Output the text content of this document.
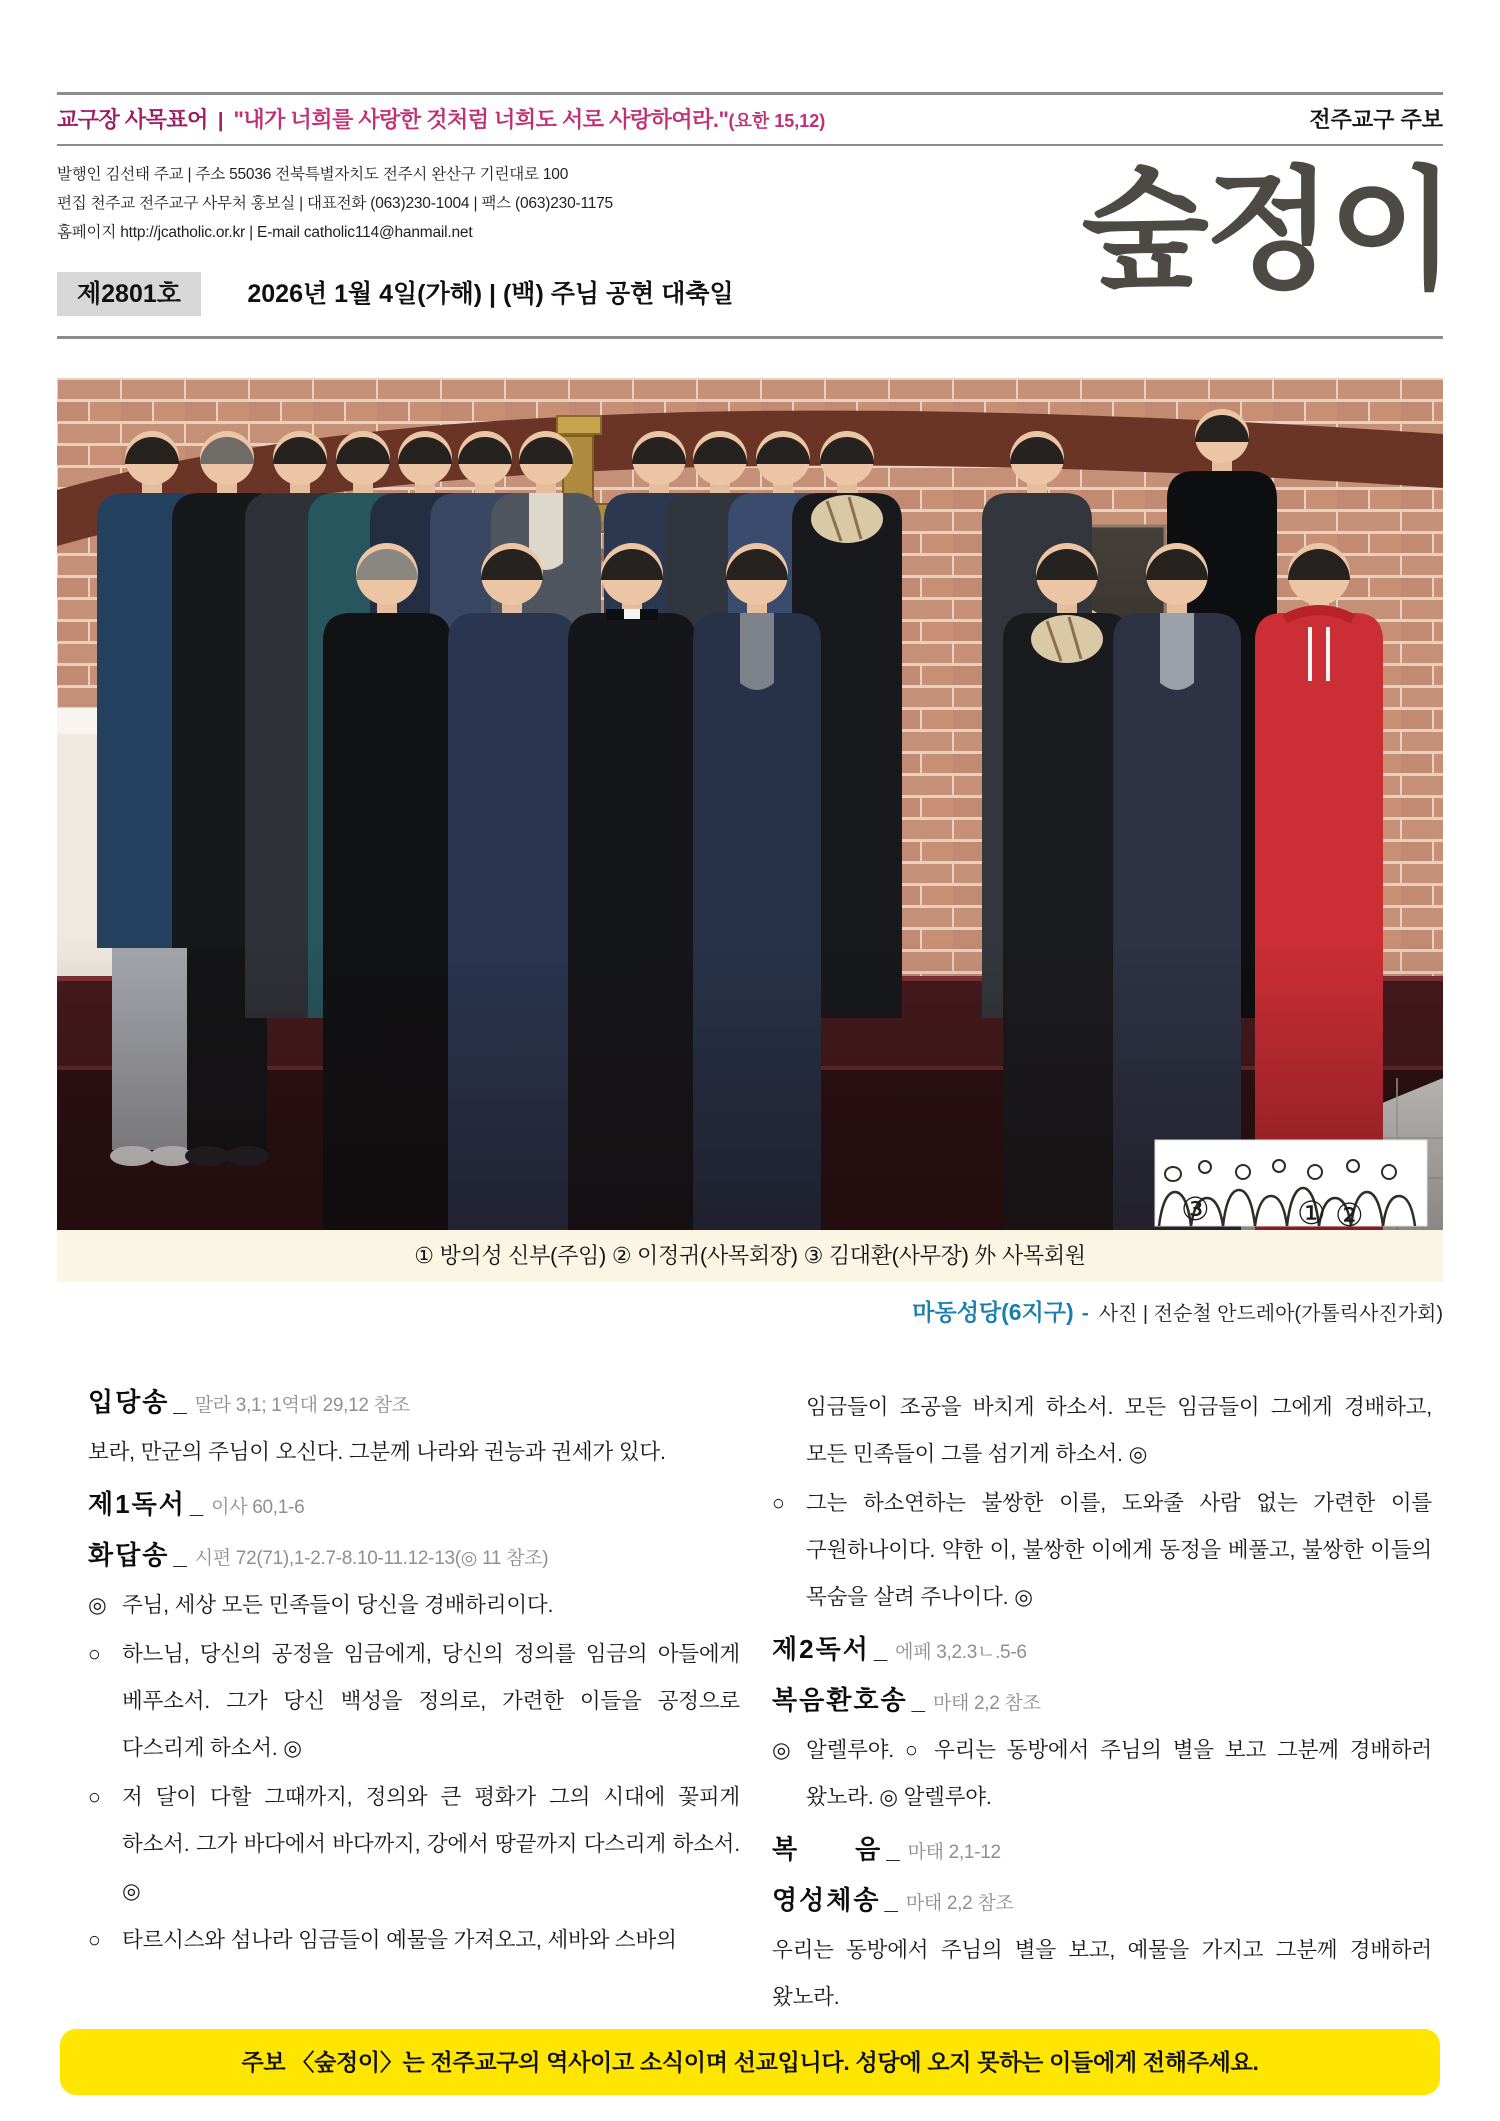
교구장 사목표어 | "내가 너희를 사랑한 것처럼 너희도 서로 사랑하여라."(요한 15,12)	전주교구 주보
발행인 김선태 주교 | 주소 55036 전북특별자치도 전주시 완산구 기린대로 100
편집 천주교 전주교구 사무처 홍보실 | 대표전화 (063)230-1004 | 팩스 (063)230-1175
홈페이지 http://jcatholic.or.kr | E-mail catholic114@hanmail.net	숲정이
제2801호	2026년 1월 4일(가해) | (백) 주님 공현 대축일
③	① ②
① 방의성 신부(주임) ② 이정귀(사목회장) ③ 김대환(사무장) 外 사목회원
마동성당(6지구) - 사진 | 전순철 안드레아(가톨릭사진가회)
입당송 _ 말라 3,1; 1역대 29,12 참조

보라, 만군의 주님이 오신다. 그분께 나라와 권능과 권세가 있다.

제1독서 _ 이사 60,1-6
화답송 _ 시편 72(71),1-2.7-8.10-11.12-13(◎ 11 참조)

◎ 주님, 세상 모든 민족들이 당신을 경배하리이다.

○ 하느님, 당신의 공정을 임금에게, 당신의 정의를 임금의 아들에게 베푸소서. 그가 당신 백성을 정의로, 가련한 이들을 공정으로 다스리게 하소서. ◎

○ 저 달이 다할 그때까지, 정의와 큰 평화가 그의 시대에 꽃피게 하소서. 그가 바다에서 바다까지, 강에서 땅끝까지 다스리게 하소서. ◎

○ 타르시스와 섬나라 임금들이 예물을 가져오고, 세바와 스바의

임금들이 조공을 바치게 하소서. 모든 임금들이 그에게 경배하고, 모든 민족들이 그를 섬기게 하소서. ◎

○ 그는 하소연하는 불쌍한 이를, 도와줄 사람 없는 가련한 이를 구원하나이다. 약한 이, 불쌍한 이에게 동정을 베풀고, 불쌍한 이들의 목숨을 살려 주나이다. ◎

제2독서 _ 에페 3,2.3ㄴ.5-6
복음환호송 _ 마태 2,2 참조

◎ 알렐루야. ○ 우리는 동방에서 주님의 별을 보고 그분께 경배하러 왔노라. ◎ 알렐루야.

복　　음 _ 마태 2,1-12
영성체송 _ 마태 2,2 참조

우리는 동방에서 주님의 별을 보고, 예물을 가지고 그분께 경배하러 왔노라.

주보 〈숲정이〉는 전주교구의 역사이고 소식이며 선교입니다. 성당에 오지 못하는 이들에게 전해주세요.
